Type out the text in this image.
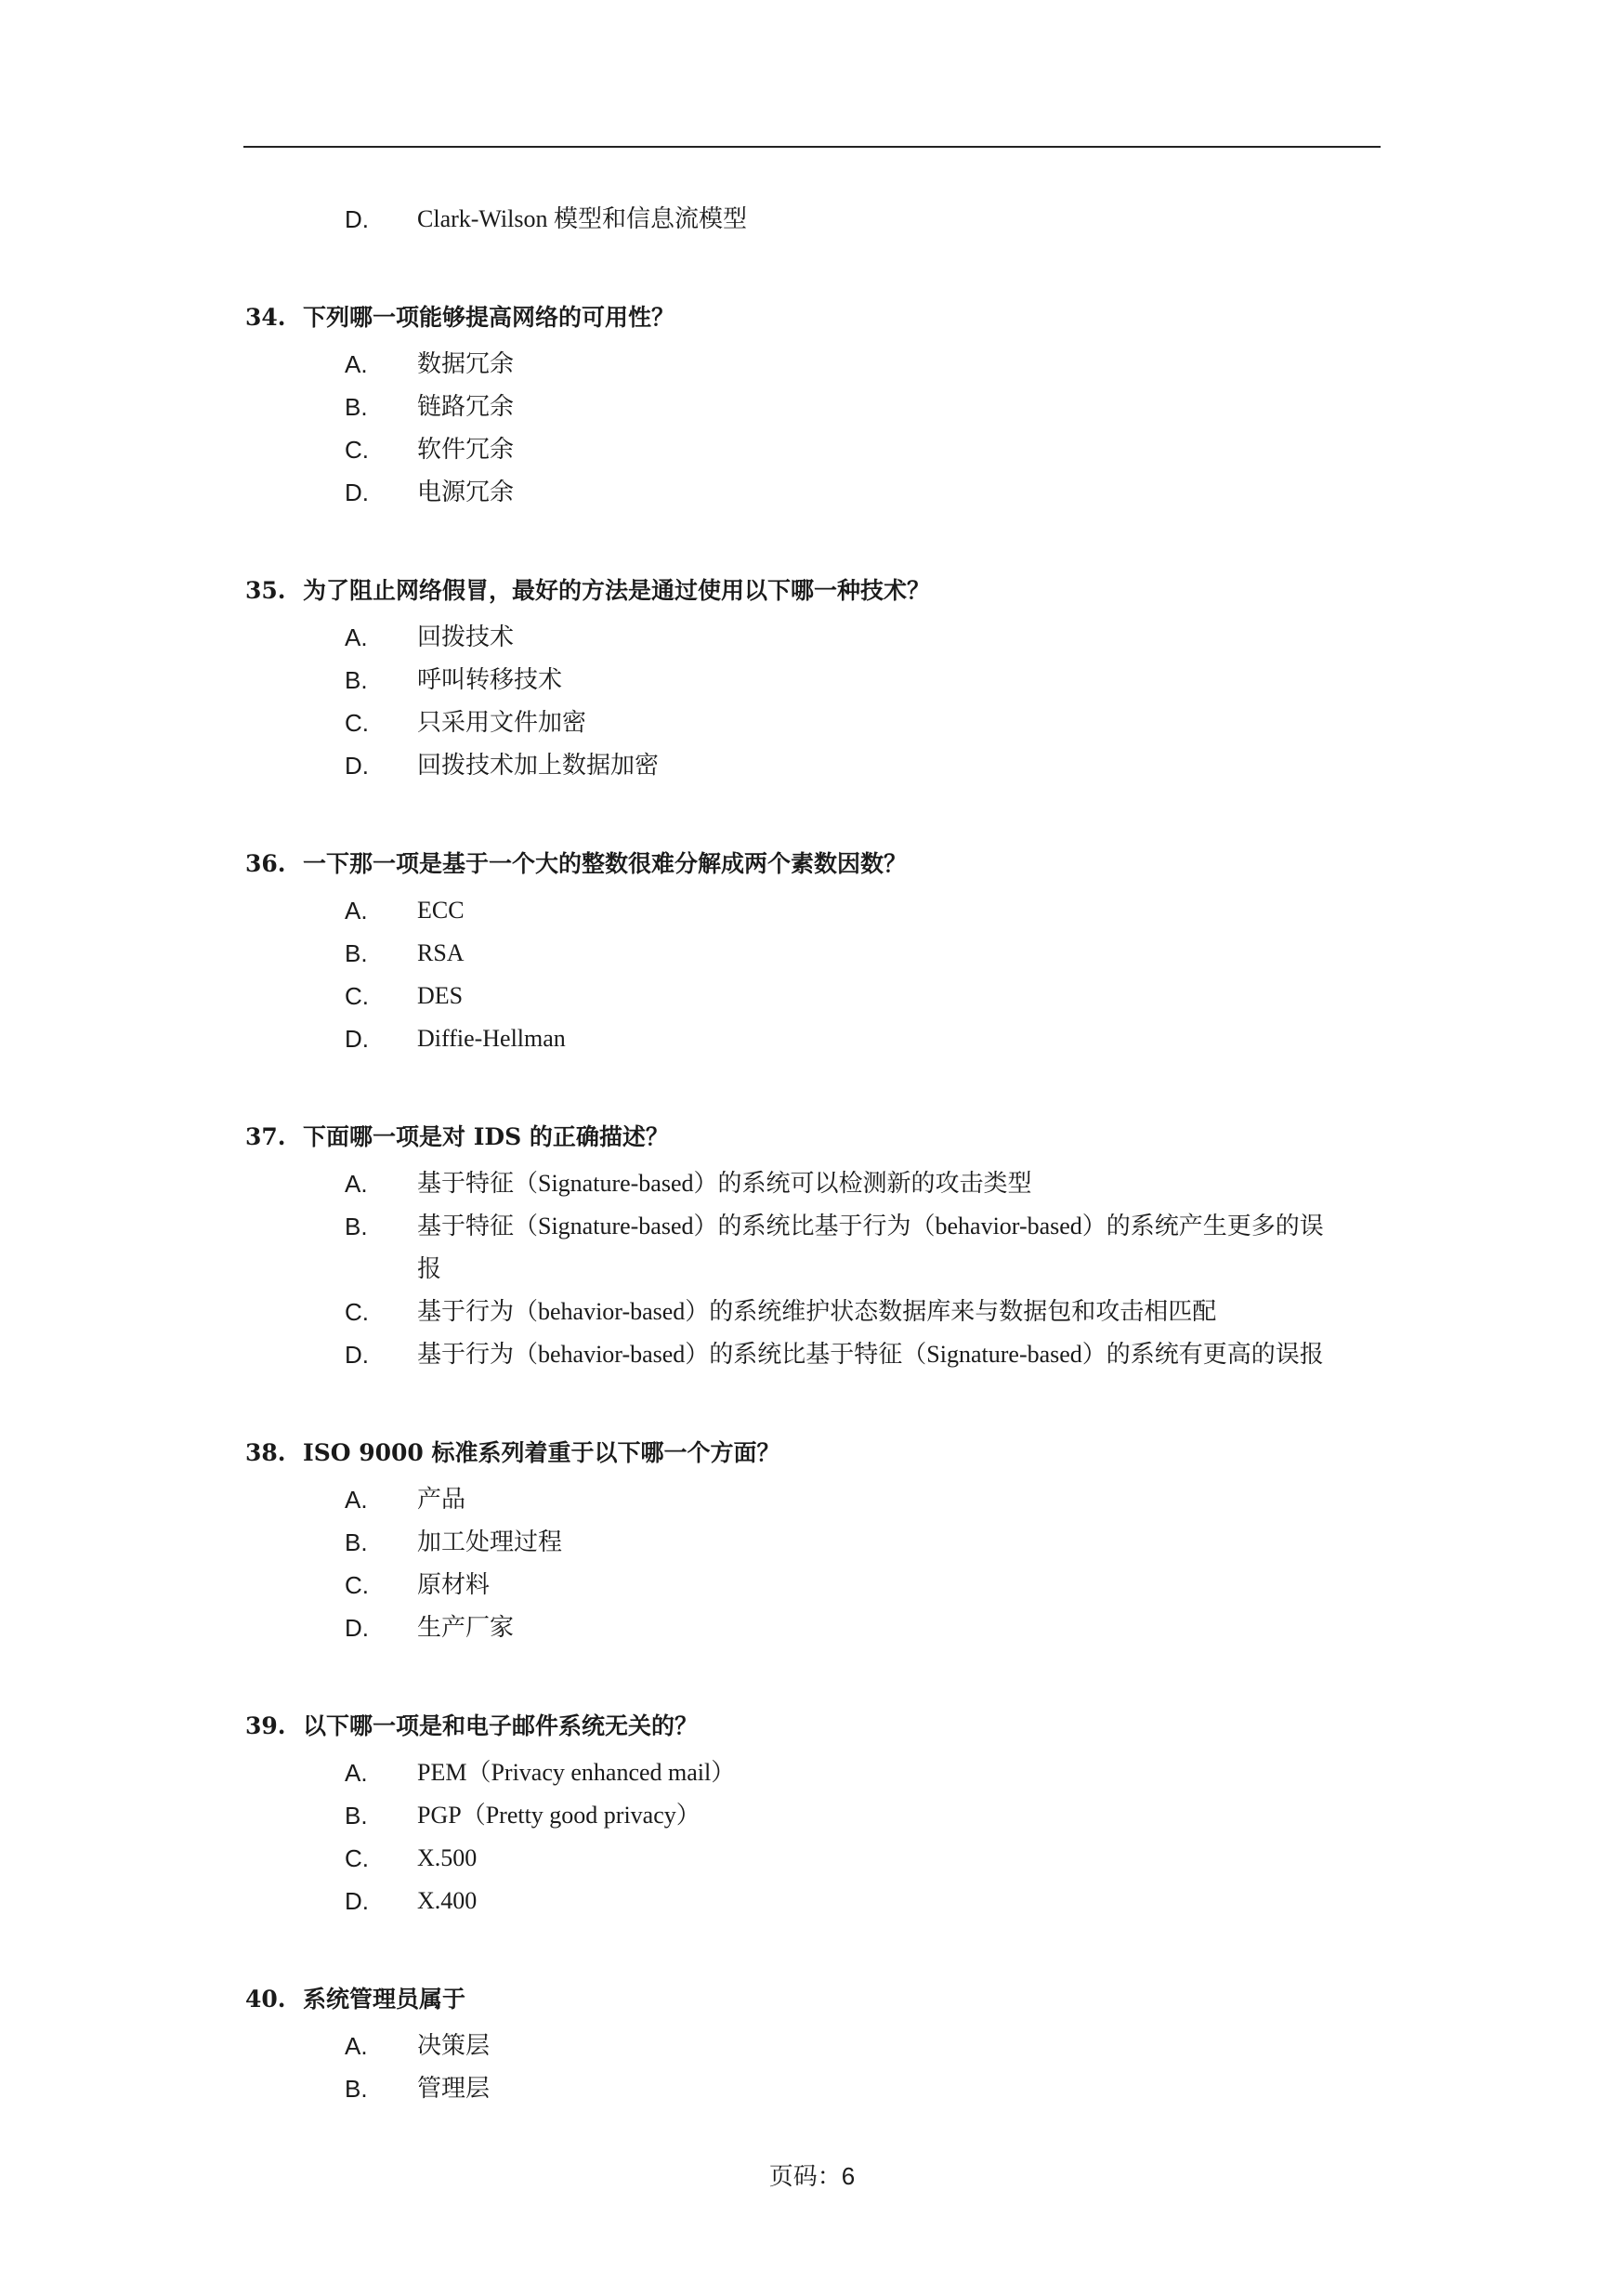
D. Clark-Wilson 模型和信息流模型
34. 下列哪一项能够提高网络的可用性？
A. 数据冗余
B. 链路冗余
C. 软件冗余
D. 电源冗余
35. 为了阻止网络假冒，最好的方法是通过使用以下哪一种技术？
A. 回拨技术
B. 呼叫转移技术
C. 只采用文件加密
D. 回拨技术加上数据加密
36. 一下那一项是基于一个大的整数很难分解成两个素数因数？
A. ECC
B. RSA
C. DES
D. Diffie-Hellman
37. 下面哪一项是对 IDS 的正确描述？
A. 基于特征（Signature-based）的系统可以检测新的攻击类型
B. 基于特征（Signature-based）的系统比基于行为（behavior-based）的系统产生更多的误
报
C. 基于行为（behavior-based）的系统维护状态数据库来与数据包和攻击相匹配
D. 基于行为（behavior-based）的系统比基于特征（Signature-based）的系统有更高的误报
38. ISO 9000 标准系列着重于以下哪一个方面？
A. 产品
B. 加工处理过程
C. 原材料
D. 生产厂家
39. 以下哪一项是和电子邮件系统无关的？
A. PEM（Privacy enhanced mail）
B. PGP（Pretty good privacy）
C. X.500
D. X.400
40. 系统管理员属于
A. 决策层
B. 管理层
页码：6
